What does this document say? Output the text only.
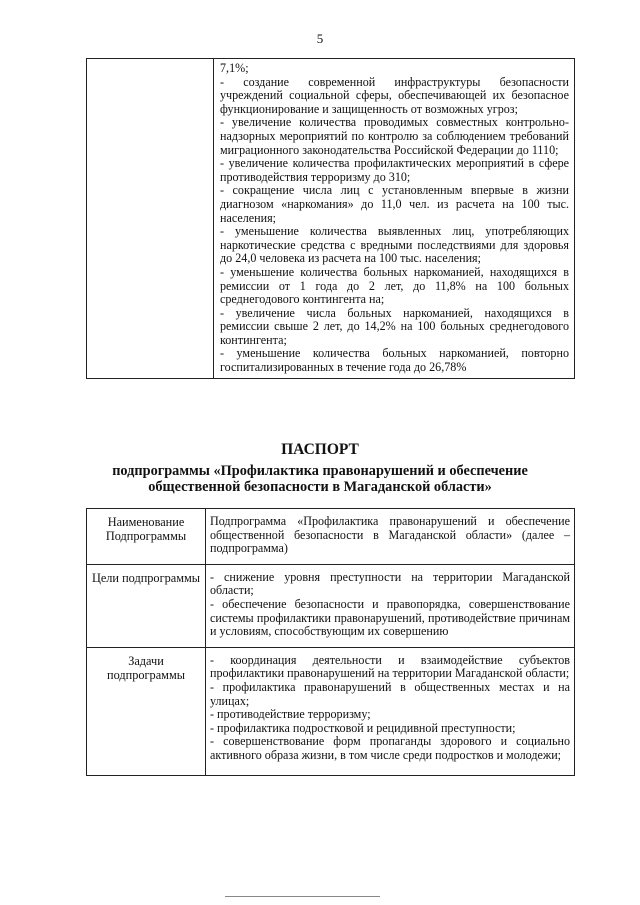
5

7,1%;
- создание современной инфраструктуры безопасности учреждений социальной сферы, обеспечивающей их безопасное функционирование и защищенность от возможных угроз;
- увеличение количества проводимых совместных контрольно-надзорных мероприятий по контролю за соблюдением требований миграционного законодательства Российской Федерации до 1110;
- увеличение количества профилактических мероприятий в сфере противодействия терроризму до 310;
- сокращение числа лиц с установленным впервые в жизни диагнозом «наркомания» до 11,0 чел. из расчета на 100 тыс. населения;
- уменьшение количества выявленных лиц, употребляющих наркотические средства с вредными последствиями для здоровья до 24,0 человека из расчета на 100 тыс. населения;
- уменьшение количества больных наркоманией, находящихся в ремиссии от 1 года до 2 лет, до 11,8% на 100 больных среднегодового контингента на;
- увеличение числа больных наркоманией, находящихся в ремиссии свыше 2 лет, до 14,2% на 100 больных среднегодового контингента;
- уменьшение количества больных наркоманией, повторно госпитализированных в течение года до 26,78%
ПАСПОРТ
подпрограммы «Профилактика правонарушений и обеспечение
общественной безопасности в Магаданской области»
Наименование Подпрограммы	Подпрограмма «Профилактика правонарушений и обеспечение общественной безопасности в Магаданской области» (далее – подпрограмма)
Цели подпрограммы	- снижение уровня преступности на территории Магаданской области;
- обеспечение безопасности и правопорядка, совершенствование системы профилактики правонарушений, противодействие причинам
и условиям, способствующим их совершению

Задачи подпрограммы	- координация деятельности и взаимодействие субъектов профилактики правонарушений на территории Магаданской области;
- профилактика правонарушений в общественных местах и на улицах;
- противодействие терроризму;
- профилактика подростковой и рецидивной преступности;
- совершенствование форм пропаганды здорового и социально активного образа жизни, в том числе среди подростков и молодежи;
